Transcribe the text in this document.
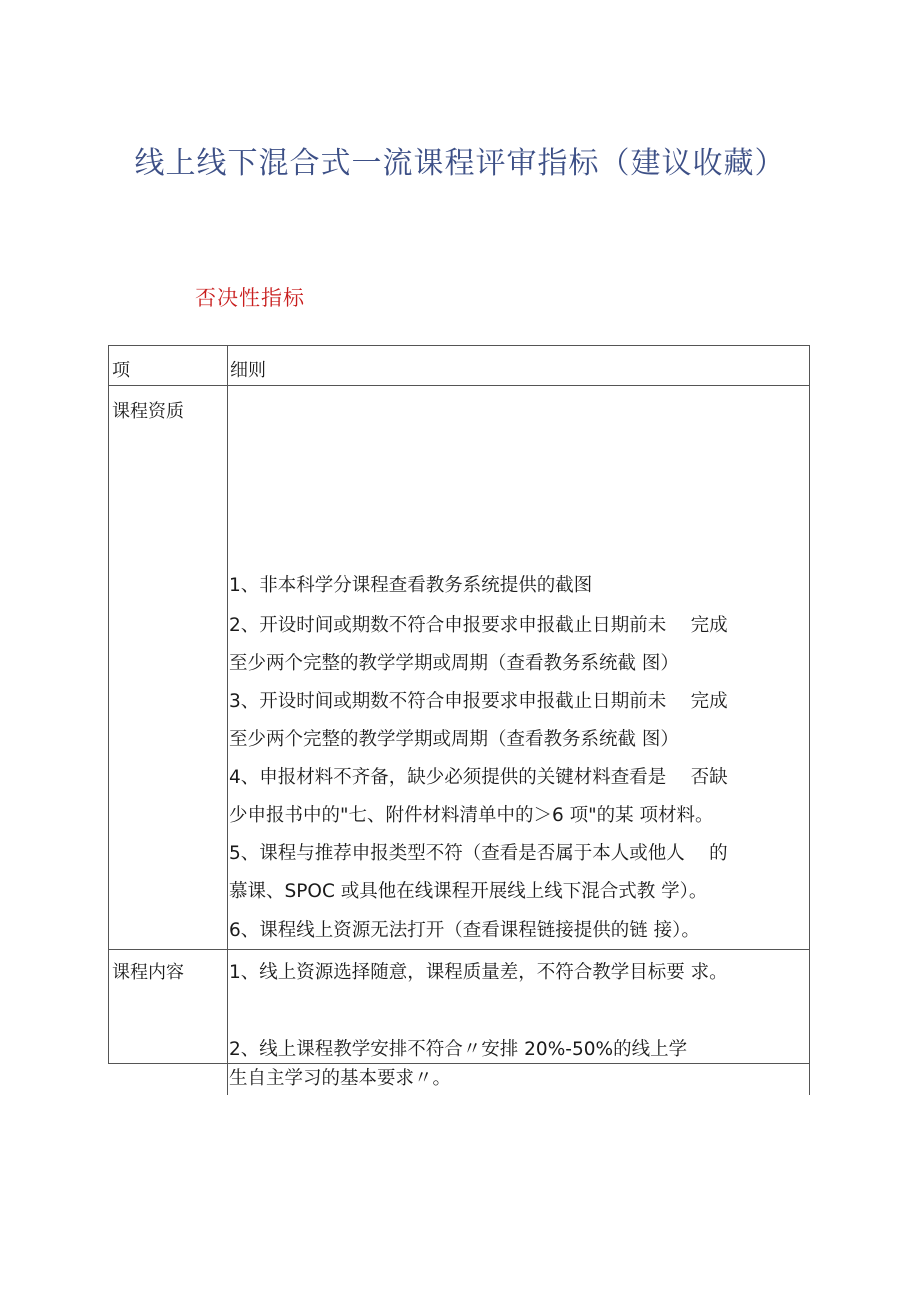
线上线下混合式一流课程评审指标（建议收藏）
否决性指标
项	细则
课程资质
1、非本科学分课程查看教务系统提供的截图
2、开设时间或期数不符合申报要求申报截止日期前未　 完成
至少两个完整的教学学期或周期（查看教务系统截 图）
3、开设时间或期数不符合申报要求申报截止日期前未　 完成
至少两个完整的教学学期或周期（查看教务系统截 图）
4、申报材料不齐备，缺少必须提供的关键材料查看是　 否缺
少申报书中的"七、附件材料清单中的＞6 项"的某 项材料。
5、课程与推荐申报类型不符（查看是否属于本人或他人　 的
慕课、SPOC 或具他在线课程开展线上线下混合式教 学）。
6、课程线上资源无法打开（查看课程链接提供的链 接）。
课程内容 1、线上资源选择随意，课程质量差，不符合教学目标要 求。
2、线上课程教学安排不符合〃安排 20%-50%的线上学
生自主学习的基本要求〃。
